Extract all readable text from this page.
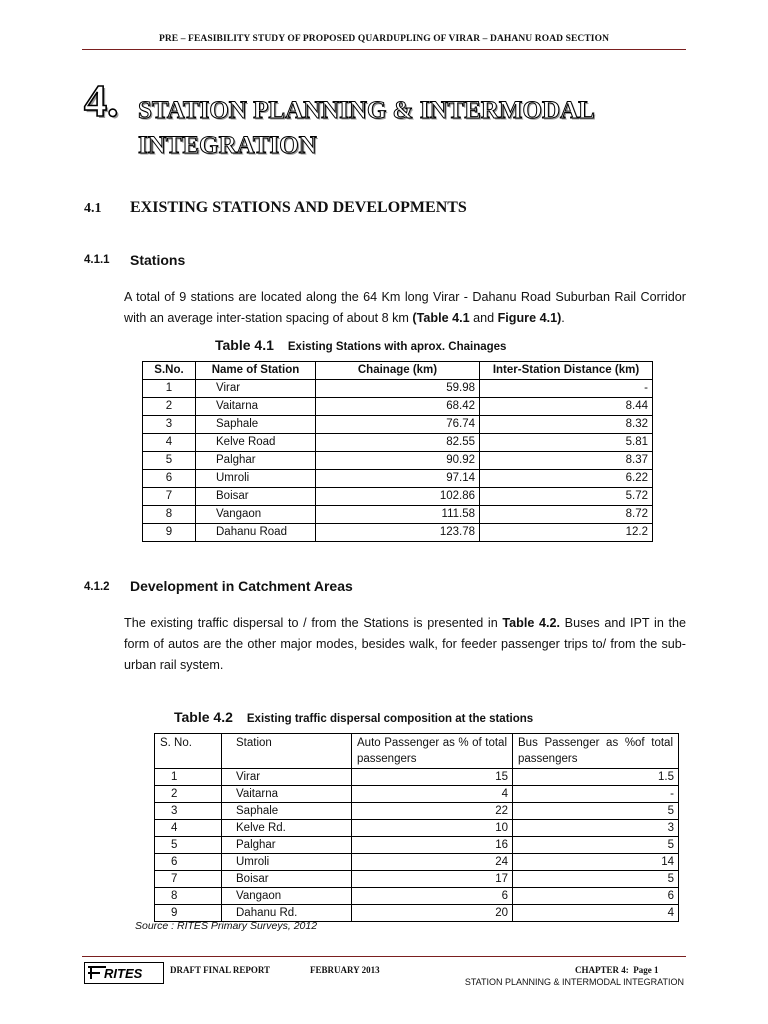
PRE – FEASIBILITY STUDY OF PROPOSED QUARDUPLING OF VIRAR – DAHANU ROAD SECTION
4. STATION PLANNING & INTERMODAL INTEGRATION
4.1 EXISTING STATIONS AND DEVELOPMENTS
4.1.1 Stations
A total of 9 stations are located along the 64 Km long Virar - Dahanu Road Suburban Rail Corridor with an average inter-station spacing of about 8 km (Table 4.1 and Figure 4.1).
Table 4.1 Existing Stations with aprox. Chainages
S.No.	Name of Station	Chainage (km)	Inter-Station Distance (km)
1	Virar	59.98	-
2	Vaitarna	68.42	8.44
3	Saphale	76.74	8.32
4	Kelve Road	82.55	5.81
5	Palghar	90.92	8.37
6	Umroli	97.14	6.22
7	Boisar	102.86	5.72
8	Vangaon	111.58	8.72
9	Dahanu Road	123.78	12.2
4.1.2 Development in Catchment Areas
The existing traffic dispersal to / from the Stations is presented in Table 4.2. Buses and IPT in the form of autos are the other major modes, besides walk, for feeder passenger trips to/ from the sub-urban rail system.
Table 4.2 Existing traffic dispersal composition at the stations
S. No.	Station	Auto Passenger as % of total passengers	Bus Passenger as %of total passengers
1	Virar	15	1.5
2	Vaitarna	4	-
3	Saphale	22	5
4	Kelve Rd.	10	3
5	Palghar	16	5
6	Umroli	24	14
7	Boisar	17	5
8	Vangaon	6	6
9	Dahanu Rd.	20	4
Source : RITES Primary Surveys, 2012
RITES	DRAFT FINAL REPORT	FEBRUARY 2013	CHAPTER 4: Page 1
STATION PLANNING & INTERMODAL INTEGRATION
